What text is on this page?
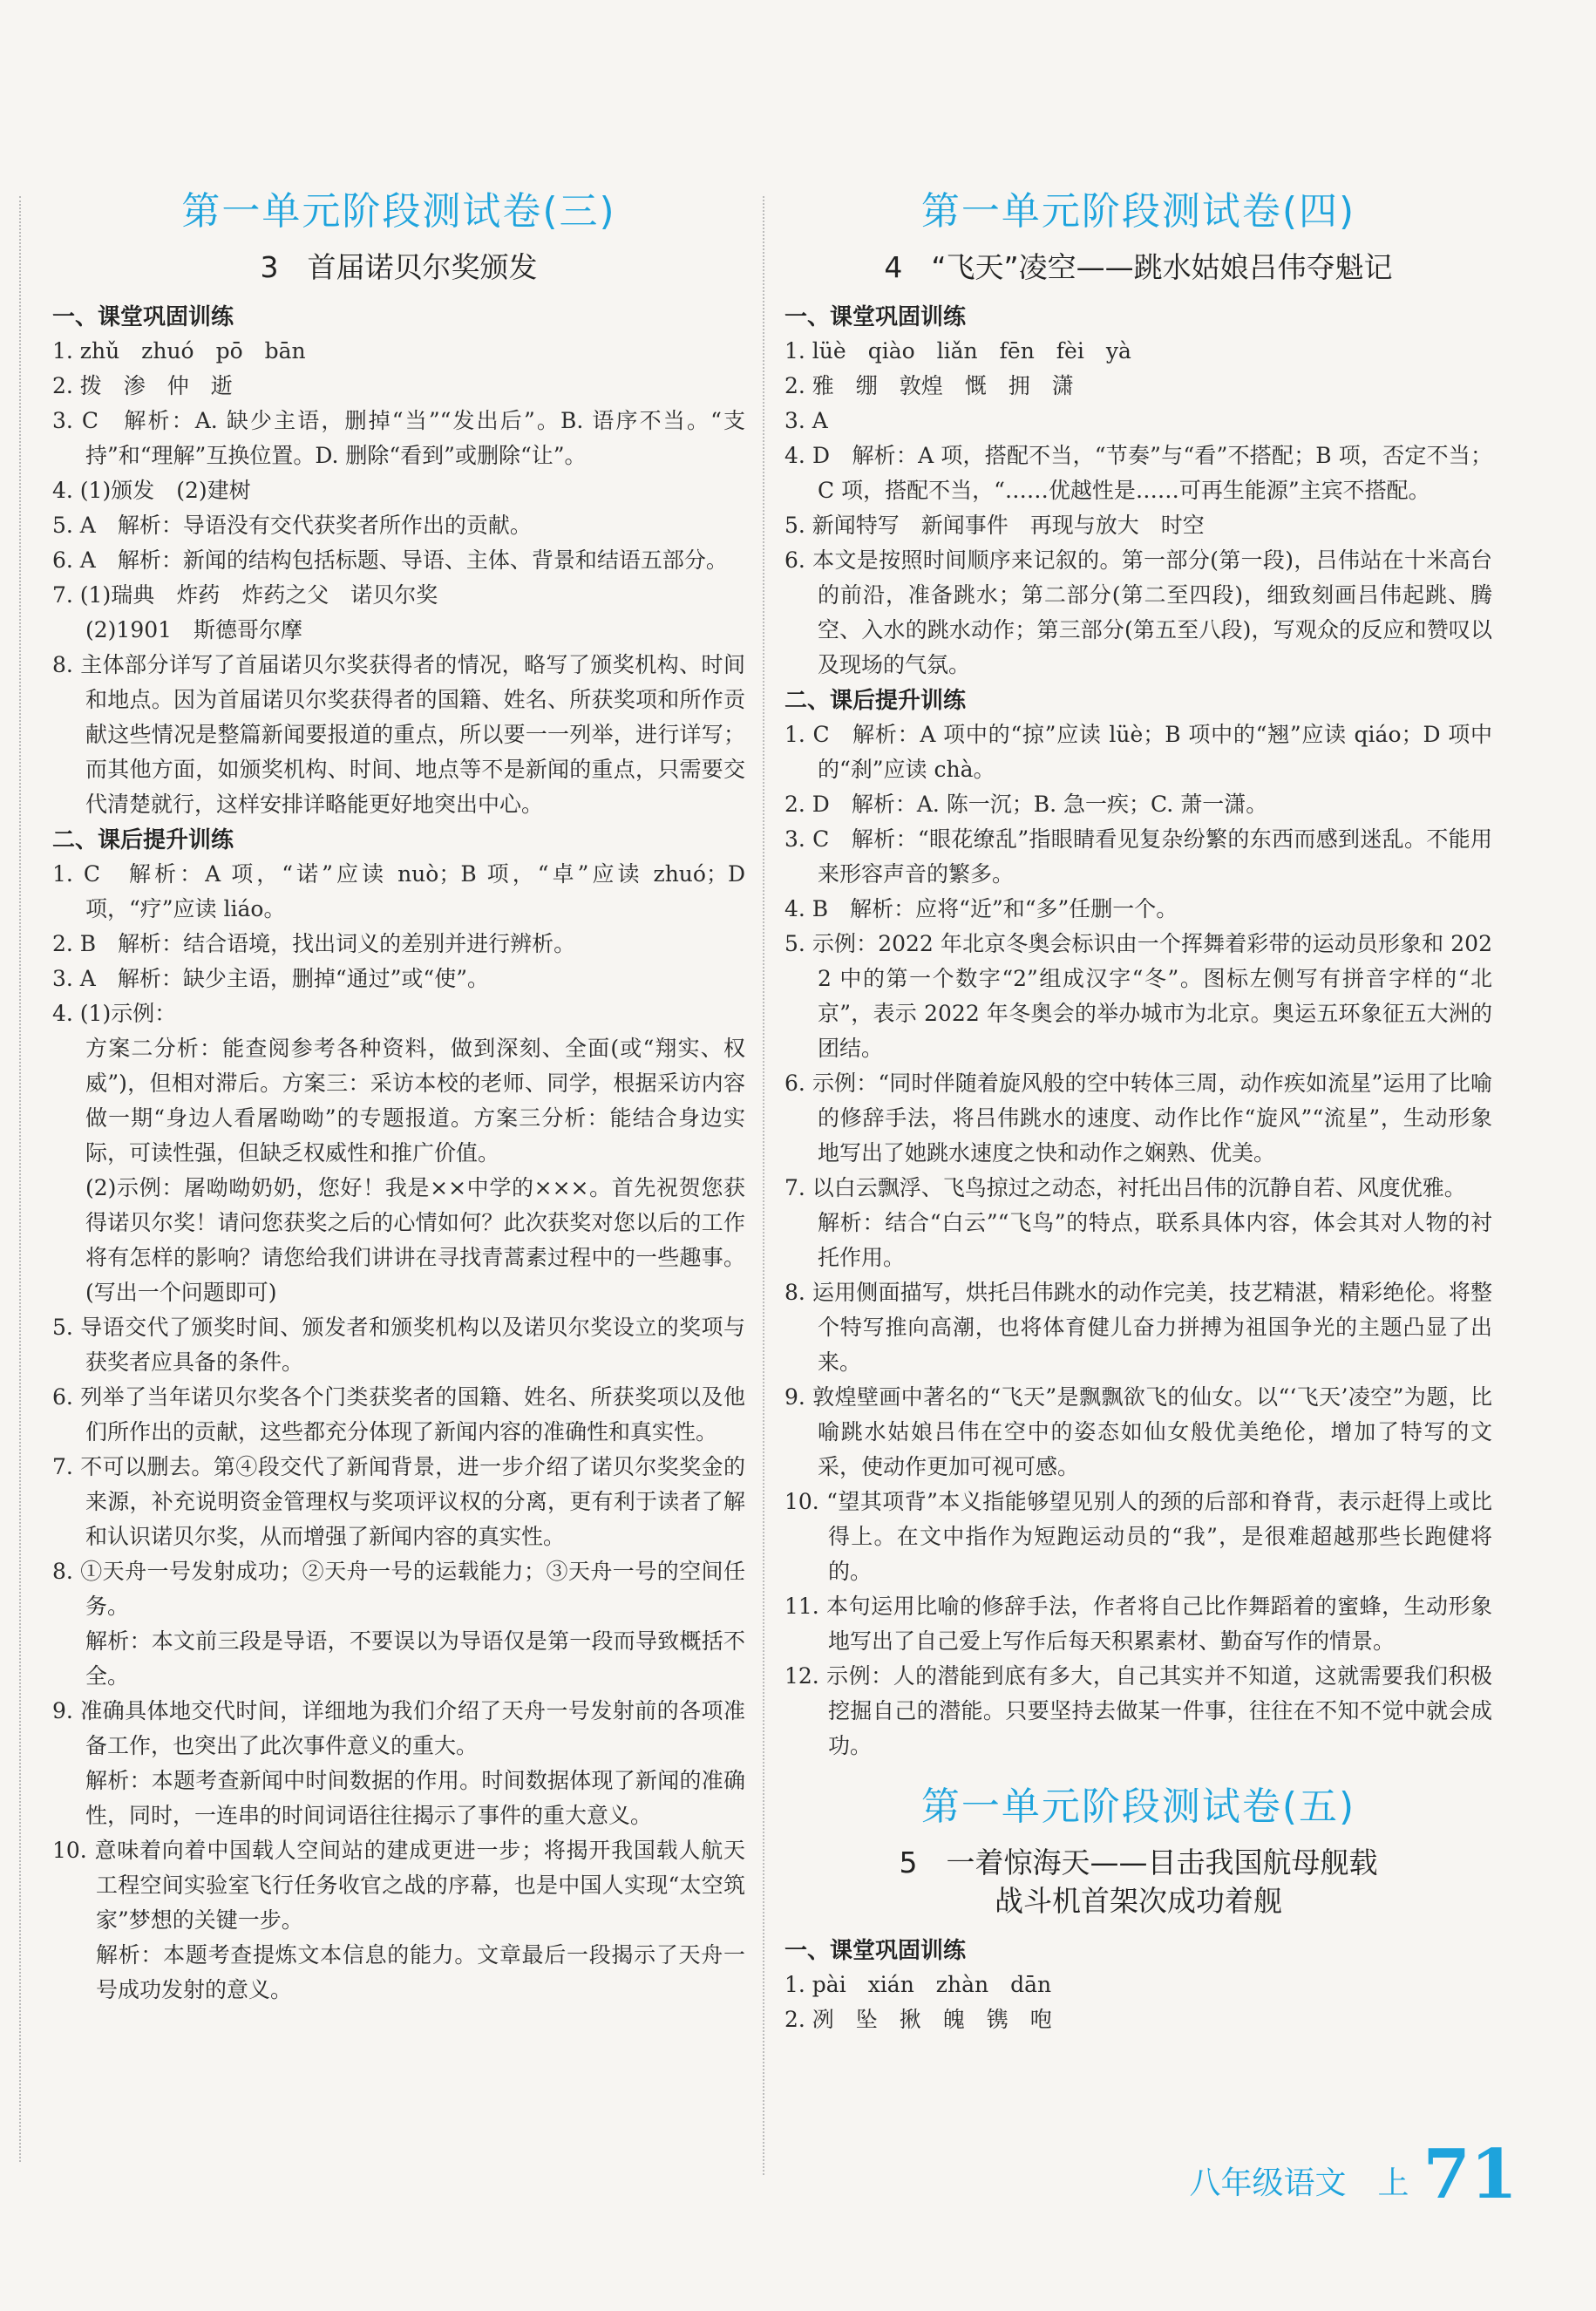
第一单元阶段测试卷(三)
3　首届诺贝尔奖颁发
一、课堂巩固训练
1. zhǔ　zhuó　pō　bān
2. 拨　渗　仲　逝
3. C　解析：A. 缺少主语，删掉“当”“发出后”。B. 语序不当。“支持”和“理解”互换位置。D. 删除“看到”或删除“让”。
4. (1)颁发　(2)建树
5. A　解析：导语没有交代获奖者所作出的贡献。
6. A　解析：新闻的结构包括标题、导语、主体、背景和结语五部分。
7. (1)瑞典　炸药　炸药之父　诺贝尔奖
(2)1901　斯德哥尔摩
8. 主体部分详写了首届诺贝尔奖获得者的情况，略写了颁奖机构、时间和地点。因为首届诺贝尔奖获得者的国籍、姓名、所获奖项和所作贡献这些情况是整篇新闻要报道的重点，所以要一一列举，进行详写；而其他方面，如颁奖机构、时间、地点等不是新闻的重点，只需要交代清楚就行，这样安排详略能更好地突出中心。
二、课后提升训练
1. C　解析：A 项，“诺”应读 nuò；B 项，“卓”应读 zhuó；D 项，“疗”应读 liáo。
2. B　解析：结合语境，找出词义的差别并进行辨析。
3. A　解析：缺少主语，删掉“通过”或“使”。
4. (1)示例：
方案二分析：能查阅参考各种资料，做到深刻、全面(或“翔实、权威”)，但相对滞后。方案三：采访本校的老师、同学，根据采访内容做一期“身边人看屠呦呦”的专题报道。方案三分析：能结合身边实际，可读性强，但缺乏权威性和推广价值。
(2)示例：屠呦呦奶奶，您好！我是××中学的×××。首先祝贺您获得诺贝尔奖！请问您获奖之后的心情如何？此次获奖对您以后的工作将有怎样的影响？请您给我们讲讲在寻找青蒿素过程中的一些趣事。(写出一个问题即可)
5. 导语交代了颁奖时间、颁发者和颁奖机构以及诺贝尔奖设立的奖项与获奖者应具备的条件。
6. 列举了当年诺贝尔奖各个门类获奖者的国籍、姓名、所获奖项以及他们所作出的贡献，这些都充分体现了新闻内容的准确性和真实性。
7. 不可以删去。第④段交代了新闻背景，进一步介绍了诺贝尔奖奖金的来源，补充说明资金管理权与奖项评议权的分离，更有利于读者了解和认识诺贝尔奖，从而增强了新闻内容的真实性。
8. ①天舟一号发射成功；②天舟一号的运载能力；③天舟一号的空间任务。
解析：本文前三段是导语，不要误以为导语仅是第一段而导致概括不全。
9. 准确具体地交代时间，详细地为我们介绍了天舟一号发射前的各项准备工作，也突出了此次事件意义的重大。
解析：本题考查新闻中时间数据的作用。时间数据体现了新闻的准确性，同时，一连串的时间词语往往揭示了事件的重大意义。
10. 意味着向着中国载人空间站的建成更进一步；将揭开我国载人航天工程空间实验室飞行任务收官之战的序幕，也是中国人实现“太空筑家”梦想的关键一步。
解析：本题考查提炼文本信息的能力。文章最后一段揭示了天舟一号成功发射的意义。
第一单元阶段测试卷(四)
4　“飞天”凌空——跳水姑娘吕伟夺魁记
一、课堂巩固训练
1. lüè　qiào　liǎn　fēn　fèi　yà
2. 雅　绷　敦煌　慨　拥　潇
3. A
4. D　解析：A 项，搭配不当，“节奏”与“看”不搭配；B 项，否定不当；C 项，搭配不当，“……优越性是……可再生能源”主宾不搭配。
5. 新闻特写　新闻事件　再现与放大　时空
6. 本文是按照时间顺序来记叙的。第一部分(第一段)，吕伟站在十米高台的前沿，准备跳水；第二部分(第二至四段)，细致刻画吕伟起跳、腾空、入水的跳水动作；第三部分(第五至八段)，写观众的反应和赞叹以及现场的气氛。
二、课后提升训练
1. C　解析：A 项中的“掠”应读 lüè；B 项中的“翘”应读 qiáo；D 项中的“刹”应读 chà。
2. D　解析：A. 陈一沉；B. 急一疾；C. 萧一潇。
3. C　解析：“眼花缭乱”指眼睛看见复杂纷繁的东西而感到迷乱。不能用来形容声音的繁多。
4. B　解析：应将“近”和“多”任删一个。
5. 示例：2022 年北京冬奥会标识由一个挥舞着彩带的运动员形象和 2022 中的第一个数字“2”组成汉字“冬”。图标左侧写有拼音字样的“北京”，表示 2022 年冬奥会的举办城市为北京。奥运五环象征五大洲的团结。
6. 示例：“同时伴随着旋风般的空中转体三周，动作疾如流星”运用了比喻的修辞手法，将吕伟跳水的速度、动作比作“旋风”“流星”，生动形象地写出了她跳水速度之快和动作之娴熟、优美。
7. 以白云飘浮、飞鸟掠过之动态，衬托出吕伟的沉静自若、风度优雅。
解析：结合“白云”“飞鸟”的特点，联系具体内容，体会其对人物的衬托作用。
8. 运用侧面描写，烘托吕伟跳水的动作完美，技艺精湛，精彩绝伦。将整个特写推向高潮，也将体育健儿奋力拼搏为祖国争光的主题凸显了出来。
9. 敦煌壁画中著名的“飞天”是飘飘欲飞的仙女。以“‘飞天’凌空”为题，比喻跳水姑娘吕伟在空中的姿态如仙女般优美绝伦，增加了特写的文采，使动作更加可视可感。
10. “望其项背”本义指能够望见别人的颈的后部和脊背，表示赶得上或比得上。在文中指作为短跑运动员的“我”，是很难超越那些长跑健将的。
11. 本句运用比喻的修辞手法，作者将自己比作舞蹈着的蜜蜂，生动形象地写出了自己爱上写作后每天积累素材、勤奋写作的情景。
12. 示例：人的潜能到底有多大，自己其实并不知道，这就需要我们积极挖掘自己的潜能。只要坚持去做某一件事，往往在不知不觉中就会成功。
第一单元阶段测试卷(五)
5　一着惊海天——目击我国航母舰载
战斗机首架次成功着舰
一、课堂巩固训练
1. pài　xián　zhàn　dān
2. 冽　坠　揪　魄　镌　咆
八年级语文　上 71
